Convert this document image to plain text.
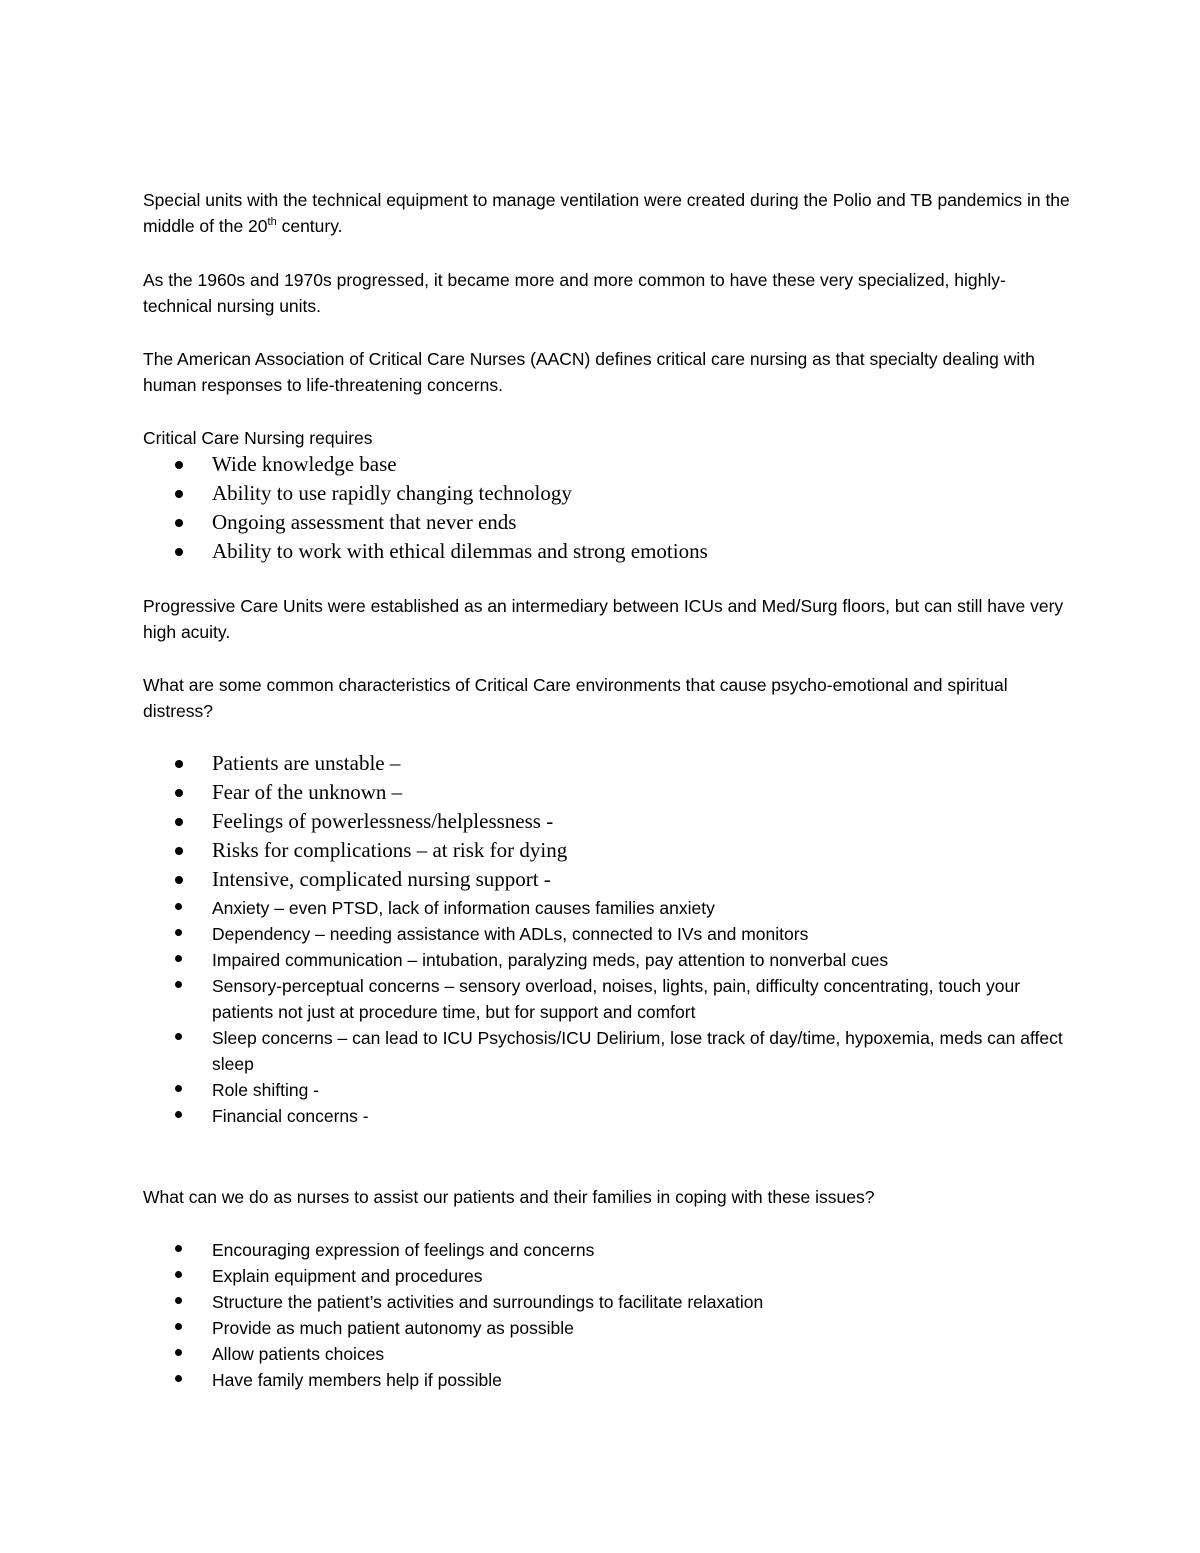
Special units with the technical equipment to manage ventilation were created during the Polio and TB pandemics in the middle of the 20th century.

As the 1960s and 1970s progressed, it became more and more common to have these very specialized, highly-technical nursing units.

The American Association of Critical Care Nurses (AACN) defines critical care nursing as that specialty dealing with human responses to life-threatening concerns.

Critical Care Nursing requires

Wide knowledge base
Ability to use rapidly changing technology
Ongoing assessment that never ends
Ability to work with ethical dilemmas and strong emotions

Progressive Care Units were established as an intermediary between ICUs and Med/Surg floors, but can still have very high acuity.

What are some common characteristics of Critical Care environments that cause psycho-emotional and spiritual distress?

Patients are unstable –
Fear of the unknown –
Feelings of powerlessness/helplessness -
Risks for complications – at risk for dying
Intensive, complicated nursing support -
Anxiety – even PTSD, lack of information causes families anxiety
Dependency – needing assistance with ADLs, connected to IVs and monitors
Impaired communication – intubation, paralyzing meds, pay attention to nonverbal cues
Sensory-perceptual concerns – sensory overload, noises, lights, pain, difficulty concentrating, touch your patients not just at procedure time, but for support and comfort
Sleep concerns – can lead to ICU Psychosis/ICU Delirium, lose track of day/time, hypoxemia, meds can affect sleep
Role shifting -
Financial concerns -

What can we do as nurses to assist our patients and their families in coping with these issues?

Encouraging expression of feelings and concerns
Explain equipment and procedures
Structure the patient’s activities and surroundings to facilitate relaxation
Provide as much patient autonomy as possible
Allow patients choices
Have family members help if possible
